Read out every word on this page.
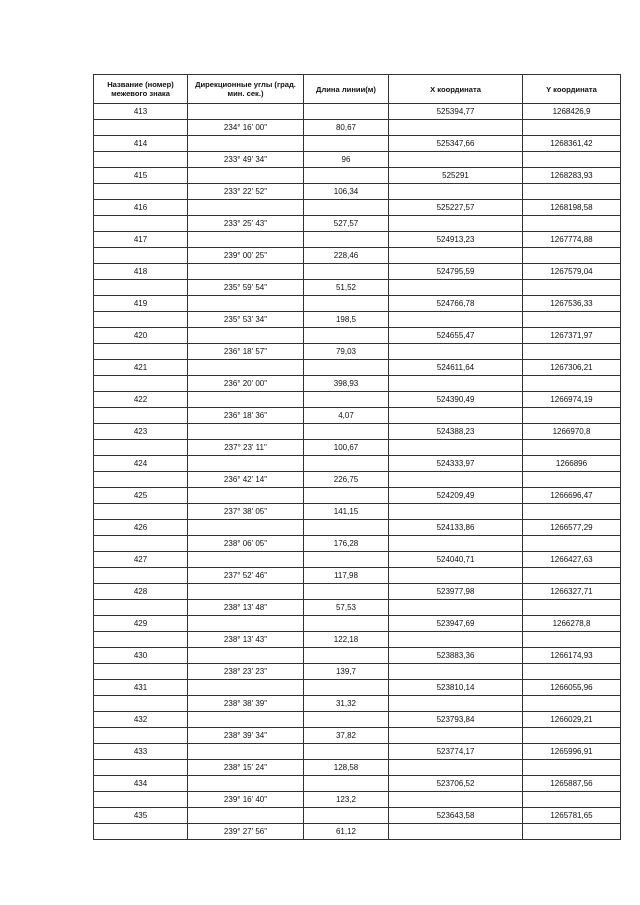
Название (номер) межевого знака	Дирекционные углы (град. мин. сек.)	Длина линии(м)	X координата	Y координата
413			525394,77	1268426,9
	234° 16' 00"	80,67		
414			525347,66	1268361,42
	233° 49' 34"	96		
415			525291	1268283,93
	233° 22' 52"	106,34		
416			525227,57	1268198,58
	233° 25' 43"	527,57		
417			524913,23	1267774,88
	239° 00' 25"	228,46		
418			524795,59	1267579,04
	235° 59' 54"	51,52		
419			524766,78	1267536,33
	235° 53' 34"	198,5		
420			524655,47	1267371,97
	236° 18' 57"	79,03		
421			524611,64	1267306,21
	236° 20' 00"	398,93		
422			524390,49	1266974,19
	236° 18' 36"	4,07		
423			524388,23	1266970,8
	237° 23' 11"	100,67		
424			524333,97	1266896
	236° 42' 14"	226,75		
425			524209,49	1266696,47
	237° 38' 05"	141,15		
426			524133,86	1266577,29
	238° 06' 05"	176,28		
427			524040,71	1266427,63
	237° 52' 46"	117,98		
428			523977,98	1266327,71
	238° 13' 48"	57,53		
429			523947,69	1266278,8
	238° 13' 43"	122,18		
430			523883,36	1266174,93
	238° 23' 23"	139,7		
431			523810,14	1266055,96
	238° 38' 39"	31,32		
432			523793,84	1266029,21
	238° 39' 34"	37,82		
433			523774,17	1265996,91
	238° 15' 24"	128,58		
434			523706,52	1265887,56
	239° 16' 40"	123,2		
435			523643,58	1265781,65
	239° 27' 56"	61,12		
